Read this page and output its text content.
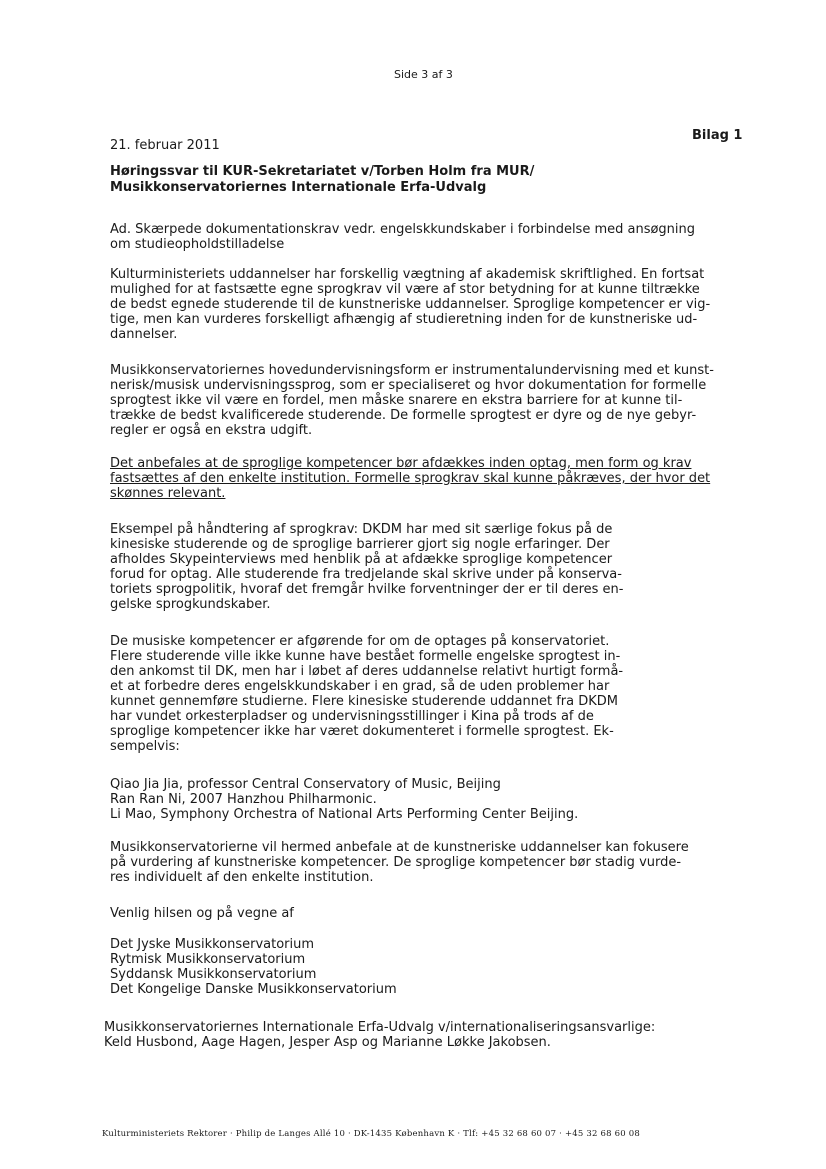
Side 3 af 3
Bilag 1
21. februar 2011
Høringssvar til KUR-Sekretariatet v/Torben Holm fra MUR/
Musikkonservatoriernes Internationale Erfa-Udvalg
Ad. Skærpede dokumentationskrav vedr. engelskkundskaber i forbindelse med ansøgning
om studieopholdstilladelse
Kulturministeriets uddannelser har forskellig vægtning af akademisk skriftlighed. En fortsat
mulighed for at fastsætte egne sprogkrav vil være af stor betydning for at kunne tiltrække
de bedst egnede studerende til de kunstneriske uddannelser. Sproglige kompetencer er vig-
tige, men kan vurderes forskelligt afhængig af studieretning inden for de kunstneriske ud-
dannelser.
Musikkonservatoriernes hovedundervisningsform er instrumentalundervisning med et kunst-
nerisk/musisk undervisningssprog, som er specialiseret og hvor dokumentation for formelle
sprogtest ikke vil være en fordel, men måske snarere en ekstra barriere for at kunne til-
trække de bedst kvalificerede studerende. De formelle sprogtest er dyre og de nye gebyr-
regler er også en ekstra udgift.
Det anbefales at de sproglige kompetencer bør afdækkes inden optag, men form og krav
fastsættes af den enkelte institution. Formelle sprogkrav skal kunne påkræves, der hvor det
skønnes relevant.
Eksempel på håndtering af sprogkrav: DKDM har med sit særlige fokus på de
kinesiske studerende og de sproglige barrierer gjort sig nogle erfaringer. Der
afholdes Skypeinterviews med henblik på at afdække sproglige kompetencer
forud for optag. Alle studerende fra tredjelande skal skrive under på konserva-
toriets sprogpolitik, hvoraf det fremgår hvilke forventninger der er til deres en-
gelske sprogkundskaber.
De musiske kompetencer er afgørende for om de optages på konservatoriet.
Flere studerende ville ikke kunne have bestået formelle engelske sprogtest in-
den ankomst til DK, men har i løbet af deres uddannelse relativt hurtigt formå-
et at forbedre deres engelskkundskaber i en grad, så de uden problemer har
kunnet gennemføre studierne. Flere kinesiske studerende uddannet fra DKDM
har vundet orkesterpladser og undervisningsstillinger i Kina på trods af de
sproglige kompetencer ikke har været dokumenteret i formelle sprogtest. Ek-
sempelvis:
Qiao Jia Jia, professor Central Conservatory of Music, Beijing
Ran Ran Ni, 2007 Hanzhou Philharmonic.
Li Mao, Symphony Orchestra of National Arts Performing Center Beijing.
Musikkonservatorierne vil hermed anbefale at de kunstneriske uddannelser kan fokusere
på vurdering af kunstneriske kompetencer. De sproglige kompetencer bør stadig vurde-
res individuelt af den enkelte institution.
Venlig hilsen og på vegne af
Det Jyske Musikkonservatorium
Rytmisk Musikkonservatorium
Syddansk Musikkonservatorium
Det Kongelige Danske Musikkonservatorium
Musikkonservatoriernes Internationale Erfa-Udvalg v/internationaliseringsansvarlige:
Keld Husbond, Aage Hagen, Jesper Asp og Marianne Løkke Jakobsen.
Kulturministeriets Rektorer · Philip de Langes Allé 10 · DK-1435 København K · Tlf: +45 32 68 60 07 · +45 32 68 60 08
